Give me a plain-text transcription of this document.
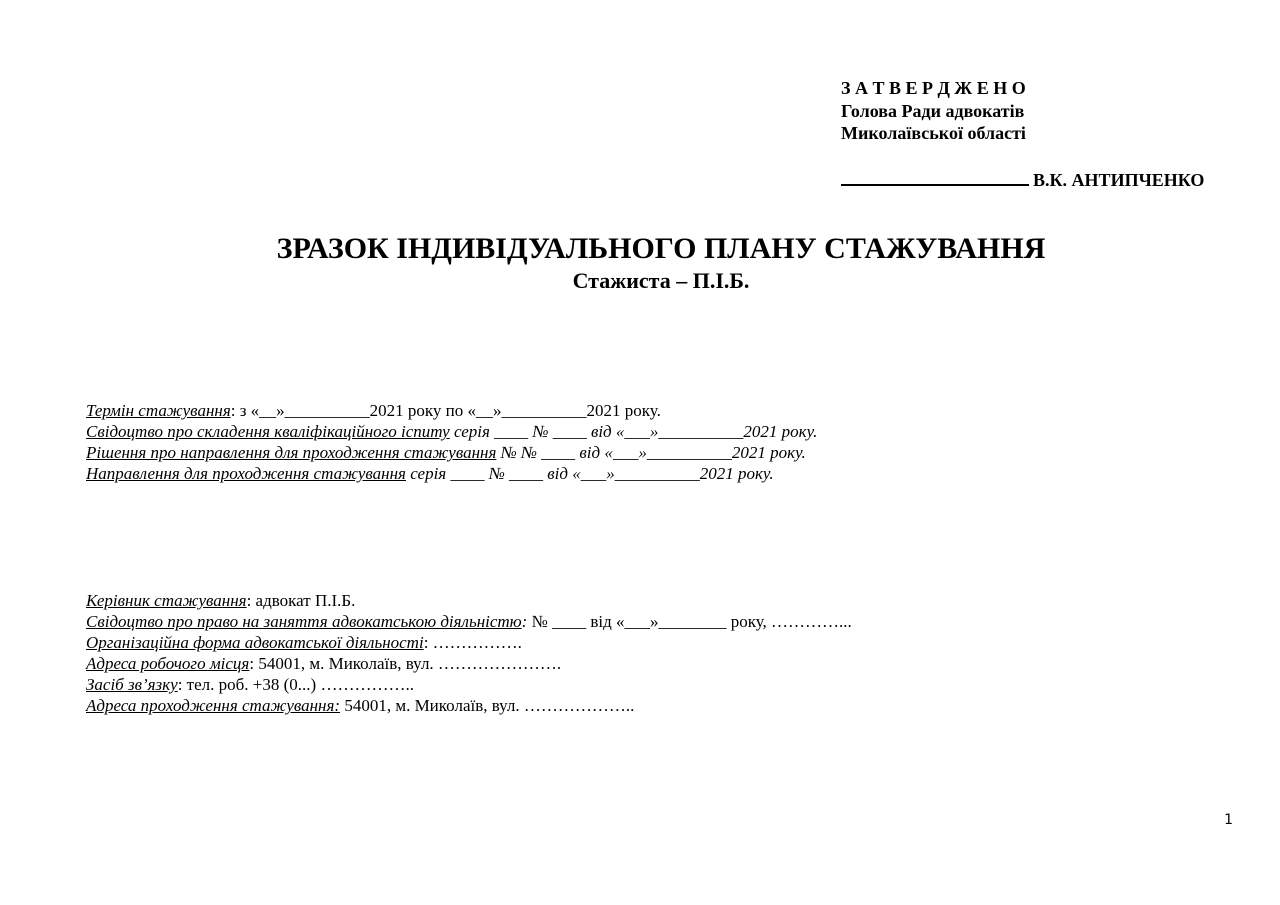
З А Т В Е Р Д Ж Е Н О
Голова Ради адвокатів
Миколаївської області
В.К. АНТИПЧЕНКО
ЗРАЗОК ІНДИВІДУАЛЬНОГО ПЛАНУ СТАЖУВАННЯ
Стажиста – П.І.Б.
Термін стажування: з «__»__________2021 року по «__»__________2021 року.
Свідоцтво про складення кваліфікаційного іспиту серія ____ № ____ від «___»__________2021 року.
Рішення про направлення для проходження стажування № № ____ від «___»__________2021 року.
Направлення для проходження стажування серія ____ № ____ від «___»__________2021 року.
Керівник стажування: адвокат П.І.Б.
Свідоцтво про право на заняття адвокатською діяльністю: № ____ від «___»________ року, …………...
Організаційна форма адвокатської діяльності: …………….
Адреса робочого місця: 54001, м. Миколаїв, вул. ………………….
Засіб зв’язку: тел. роб. +38 (0...) ……………..
Адреса проходження стажування: 54001, м. Миколаїв, вул. ………………..
1
